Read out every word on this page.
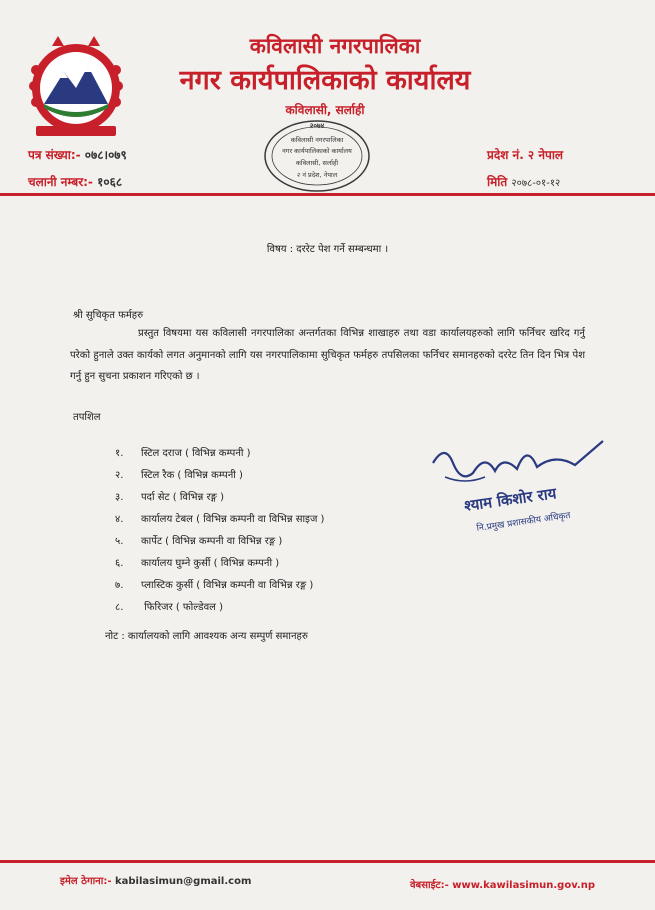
कविलासी नगरपालिका
नगर कार्यपालिकाको कार्यालय
कविलासी, सर्लाही
२०७४
कविलासी नगरपालिका
नगर कार्यपालिकाको कार्यालय
कविलासी, सर्लाही
२ नं प्रदेश, नेपाल
पत्र संख्या:- ०७८।०७९
चलानी नम्बर:- १०६८
प्रदेश नं. २ नेपाल
मिति २०७८-०१-१२
विषय : दररेट पेश गर्ने सम्बन्धमा ।
श्री सुचिकृत फर्महरु

प्रस्तुत विषयमा यस कविलासी नगरपालिका अन्तर्गतका विभिन्न शाखाहरु तथा वडा कार्यालयहरुको लागि फर्निचर खरिद गर्नु परेको हुनाले उक्त कार्यको लगत अनुमानको लागि यस नगरपालिकामा सुचिकृत फर्महरु तपसिलका फर्निचर समानहरुको दररेट तिन दिन भित्र पेश गर्नु हुन सुचना प्रकाशन गरिएको छ ।

तपशिल
१. स्टिल दराज ( विभिन्न कम्पनी )
२. स्टिल रैक ( विभिन्न कम्पनी )
३. पर्दा सेट ( विभिन्न रङ्ग )
४. कार्यालय टेबल ( विभिन्न कम्पनी वा विभिन्न साइज )
५. कार्पेट ( विभिन्न कम्पनी वा विभिन्न रङ्ग )
६. कार्यालय घुम्ने कुर्सी ( विभिन्न कम्पनी )
७. प्लास्टिक कुर्सी ( विभिन्न कम्पनी वा विभिन्न रङ्ग )
८. फिरिजर ( फोल्डेवल )
नोट : कार्यालयको लागि आवश्यक अन्य सम्पुर्ण समानहरु
श्याम किशोर राय
नि.प्रमुख प्रशासकीय अधिकृत
इमेल ठेगाना:- kabilasimun@gmail.com	वेबसाईट:- www.kawilasimun.gov.np
